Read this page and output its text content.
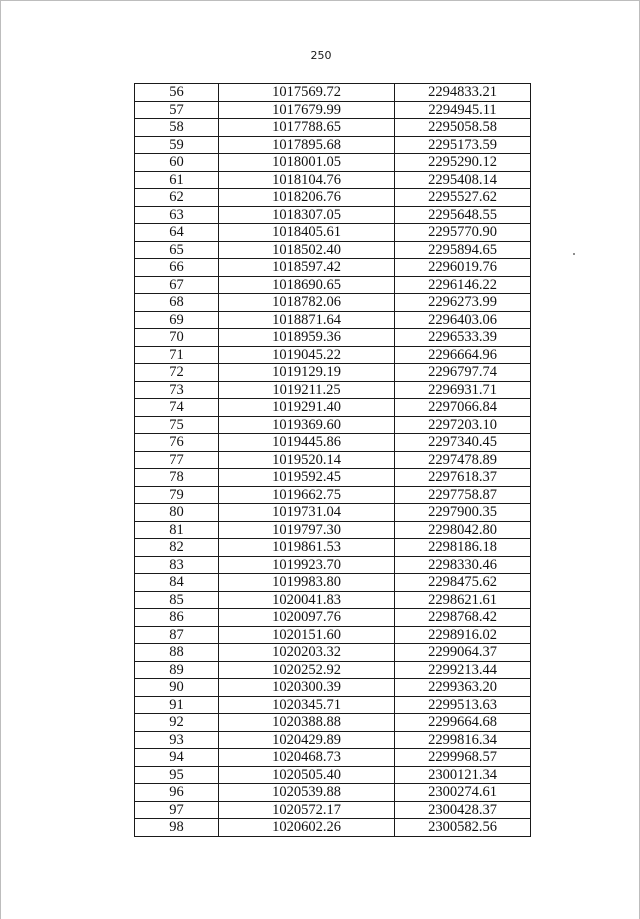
250
56	1017569.72	2294833.21
57	1017679.99	2294945.11
58	1017788.65	2295058.58
59	1017895.68	2295173.59
60	1018001.05	2295290.12
61	1018104.76	2295408.14
62	1018206.76	2295527.62
63	1018307.05	2295648.55
64	1018405.61	2295770.90
65	1018502.40	2295894.65
66	1018597.42	2296019.76
67	1018690.65	2296146.22
68	1018782.06	2296273.99
69	1018871.64	2296403.06
70	1018959.36	2296533.39
71	1019045.22	2296664.96
72	1019129.19	2296797.74
73	1019211.25	2296931.71
74	1019291.40	2297066.84
75	1019369.60	2297203.10
76	1019445.86	2297340.45
77	1019520.14	2297478.89
78	1019592.45	2297618.37
79	1019662.75	2297758.87
80	1019731.04	2297900.35
81	1019797.30	2298042.80
82	1019861.53	2298186.18
83	1019923.70	2298330.46
84	1019983.80	2298475.62
85	1020041.83	2298621.61
86	1020097.76	2298768.42
87	1020151.60	2298916.02
88	1020203.32	2299064.37
89	1020252.92	2299213.44
90	1020300.39	2299363.20
91	1020345.71	2299513.63
92	1020388.88	2299664.68
93	1020429.89	2299816.34
94	1020468.73	2299968.57
95	1020505.40	2300121.34
96	1020539.88	2300274.61
97	1020572.17	2300428.37
98	1020602.26	2300582.56
